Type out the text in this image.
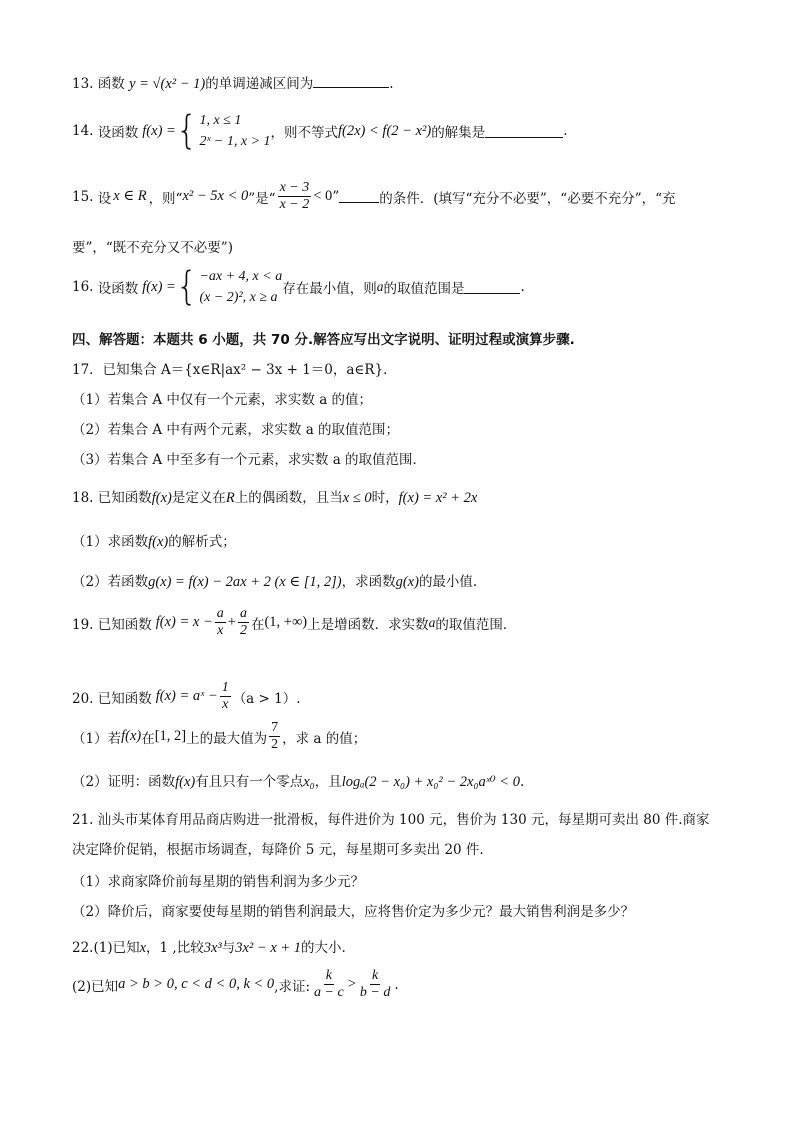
13. 函数 y = √(x² − 1)的单调递减区间为	.
14.
设函数 f(x) = { 1, x ≤ 1
2ˣ − 1, x > 1
，则不等式 f(2x) < f(2 − x²) 的解集是	.
15.
设 x ∈ R ，则“ x² − 5x < 0 ”是“ $\frac{x - 3}{x - 2} < 0$ ”	的条件．(填写“充分不必要”，“必要不充分”，“充
要”，“既不充分又不必要”)
16.
设函数 f(x) = { −ax + 4, x < a
(x − 2)², x ≥ a
存在最小值，则 a 的取值范围是	.
四、解答题：本题共 6 小题，共 70 分.解答应写出文字说明、证明过程或演算步骤.
17．已知集合 A＝{x∈R|ax² − 3x + 1＝0，a∈R}．
（1）若集合 A 中仅有一个元素，求实数 a 的值；
（2）若集合 A 中有两个元素，求实数 a 的取值范围；
（3）若集合 A 中至多有一个元素，求实数 a 的取值范围．
18. 已知函数f(x)是定义在R上的偶函数，且当x ≤ 0时，f(x) = x² + 2x
（1）求函数f(x)的解析式；
（2）若函数g(x) = f(x) − 2ax + 2 (x ∈ [1, 2])，求函数g(x)的最小值.
19. 已知函数 $f(x) = x - \frac{a}{x} + \frac{a}{2}$ 在 (1, +∞) 上是增函数．求实数 a 的取值范围．
20. 已知函数 f(x) = aˣ − $\frac{1}{x} (a > 1)$.
（1）若 f(x) 在 [1, 2] 上的最大值为 $\frac{7}{2}$ ，求 a 的值；
（2）证明：函数f(x)有且只有一个零点x₀，且logₐ(2 − x₀) + x₀² − 2x₀aˣ⁰ < 0.
21. 汕头市某体育用品商店购进一批滑板，每件进价为 100 元，售价为 130 元，每星期可卖出 80 件.商家
决定降价促销，根据市场调查，每降价 5 元，每星期可多卖出 20 件.
（1）求商家降价前每星期的销售利润为多少元？
（2）降价后，商家要使每星期的销售利润最大，应将售价定为多少元？最大销售利润是多少？
22.(1)已知x，1 ,比较3x³与3x² − x + 1的大小.
(2)已知 a > b > 0, c < d < 0, k < 0 ,求证: $\frac{k}{a - c} > \frac{k}{b - d}$ .
